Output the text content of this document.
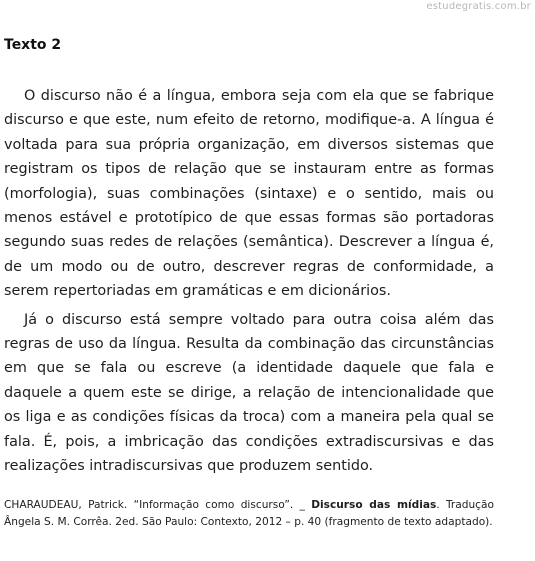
estudegratis.com.br
Texto 2

O discurso não é a língua, embora seja com ela que se fabrique discurso e que este, num efeito de retorno, modifique-a. A língua é voltada para sua própria organização, em diversos sistemas que registram os tipos de relação que se instauram entre as formas (morfologia), suas combinações (sintaxe) e o sentido, mais ou menos estável e prototípico de que essas formas são portadoras segundo suas redes de relações (semântica). Descrever a língua é, de um modo ou de outro, descrever regras de conformidade, a serem repertoriadas em gramáticas e em dicionários.

Já o discurso está sempre voltado para outra coisa além das regras de uso da língua. Resulta da combinação das circunstâncias em que se fala ou escreve (a identidade daquele que fala e daquele a quem este se dirige, a relação de intencionalidade que os liga e as condições físicas da troca) com a maneira pela qual se fala. É, pois, a imbricação das condições extradiscursivas e das realizações intradiscursivas que produzem sentido.

CHARAUDEAU, Patrick. “Informação como discurso”. _ Discurso das mídias. Tradução Ângela S. M. Corrêa. 2ed. São Paulo: Contexto, 2012 – p. 40 (fragmento de texto adaptado).
